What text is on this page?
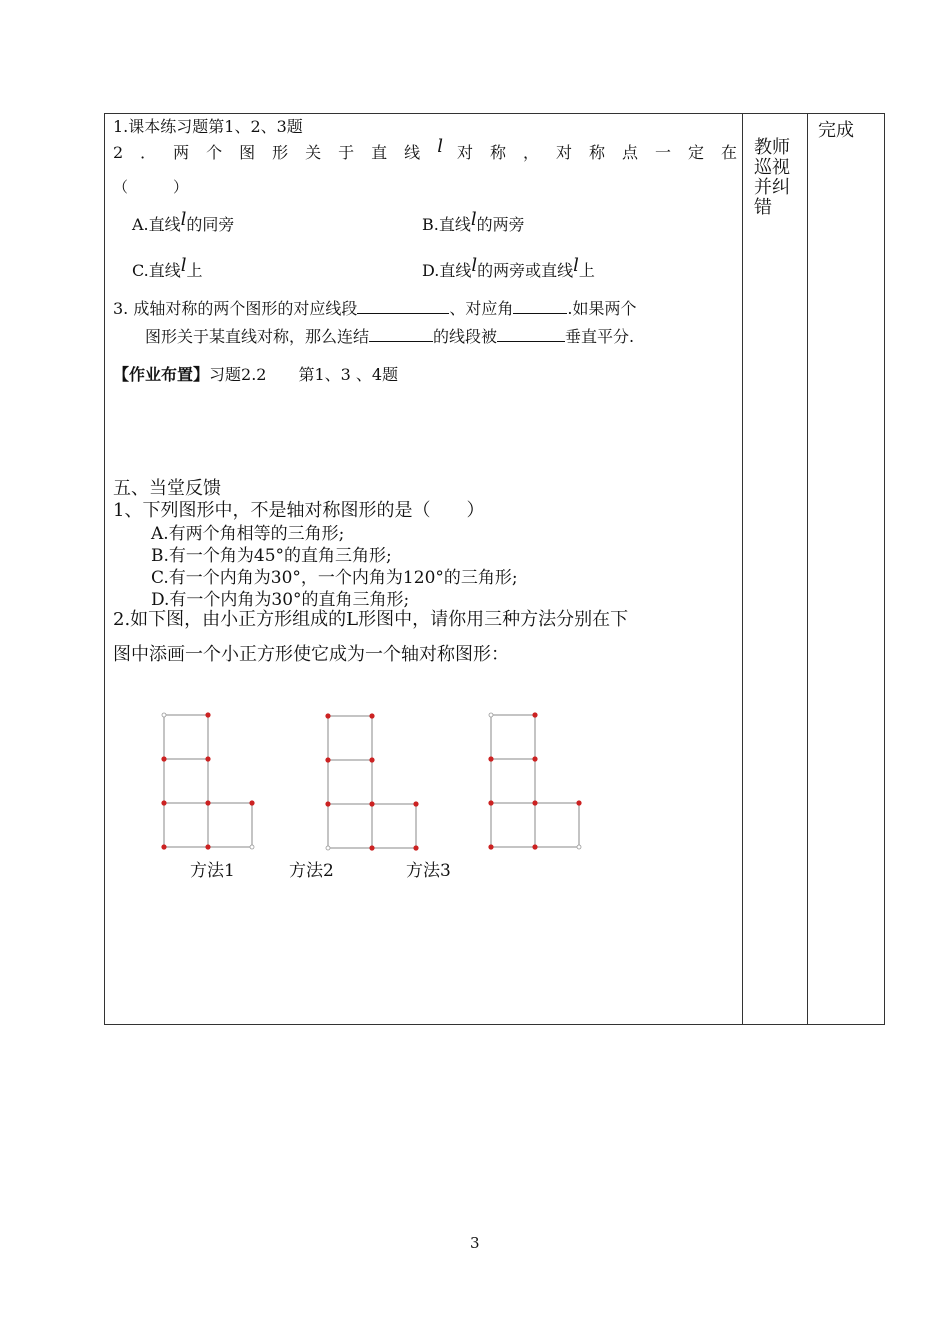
1.课本练习题第1、2、3题
2．两个图形关于直线l 对称，对称点一定在
（　　　）
A.直线l的同旁	B.直线l的两旁
C.直线l上	D.直线l的两旁或直线l上
3. 成轴对称的两个图形的对应线段	、对应角	.如果两个
图形关于某直线对称，那么连结	的线段被	垂直平分.
【作业布置】习题2.2　　第1、3 、4题
五、当堂反馈
1、下列图形中，不是轴对称图形的是（　　）
A.有两个角相等的三角形;
B.有一个角为45°的直角三角形;
C.有一个内角为30°，一个内角为120°的三角形;
D.有一个内角为30°的直角三角形;
2.如下图，由小正方形组成的L形图中，请你用三种方法分别在下
图中添画一个小正方形使它成为一个轴对称图形：
方法1	方法2	方法3
教师巡视并纠错
完成
3
